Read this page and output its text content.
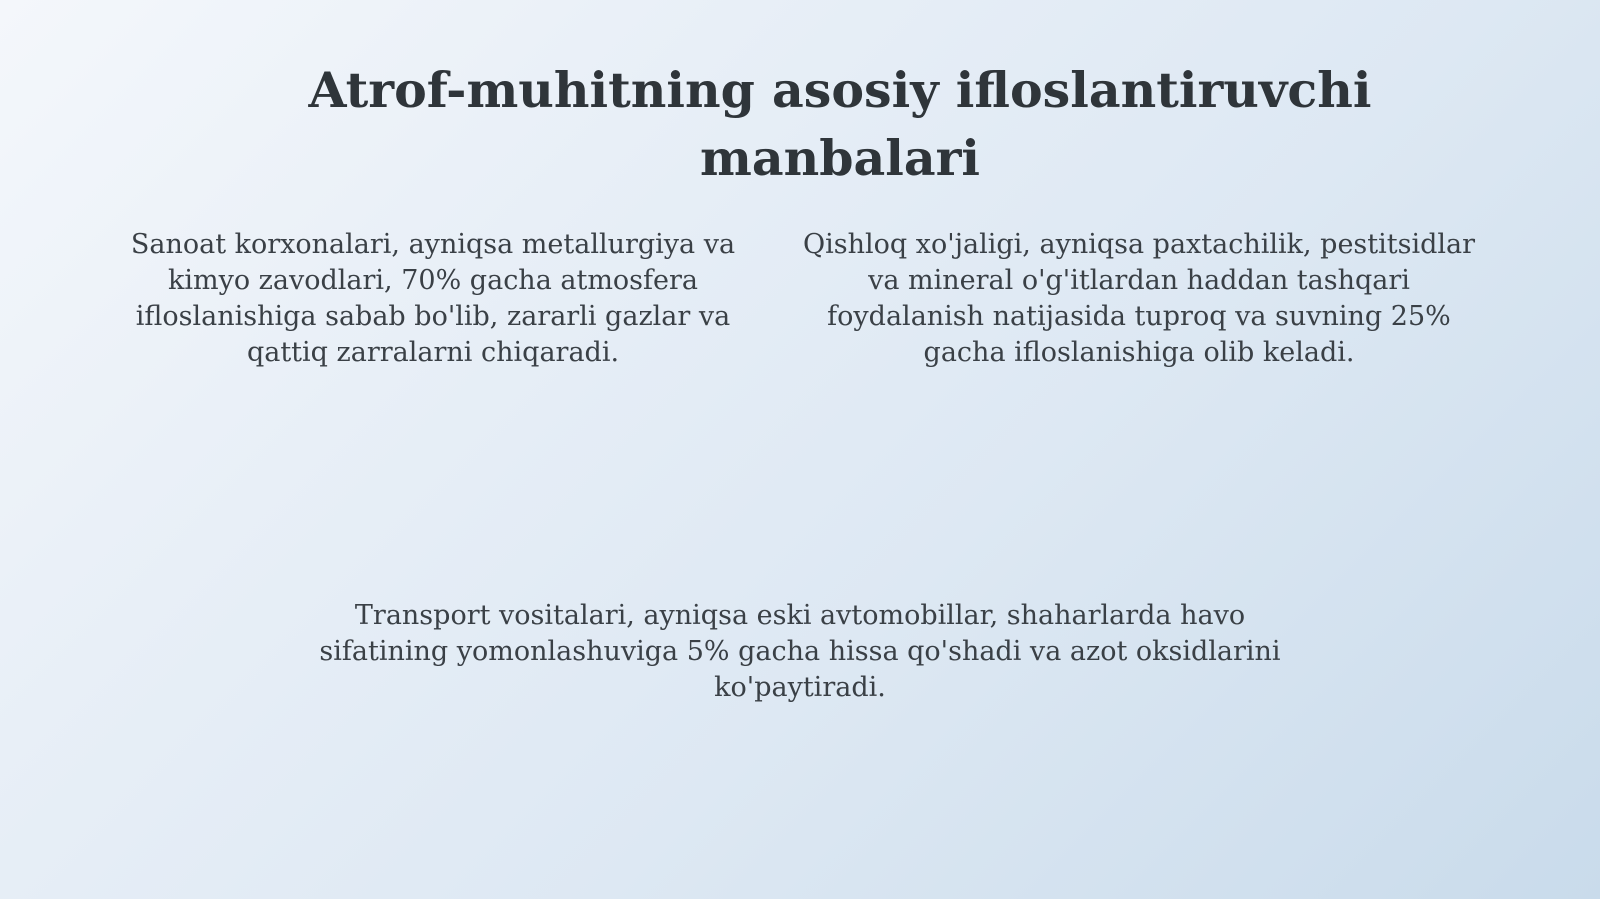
Atrof-muhitning asosiy ifloslantiruvchi manbalari

Sanoat korxonalari, ayniqsa metallurgiya va kimyo zavodlari, 70% gacha atmosfera ifloslanishiga sabab bo'lib, zararli gazlar va qattiq zarralarni chiqaradi.

Qishloq xo'jaligi, ayniqsa paxtachilik, pestitsidlar va mineral o'g'itlardan haddan tashqari foydalanish natijasida tuproq va suvning 25% gacha ifloslanishiga olib keladi.

Transport vositalari, ayniqsa eski avtomobillar, shaharlarda havo sifatining yomonlashuviga 5% gacha hissa qo'shadi va azot oksidlarini ko'paytiradi.
